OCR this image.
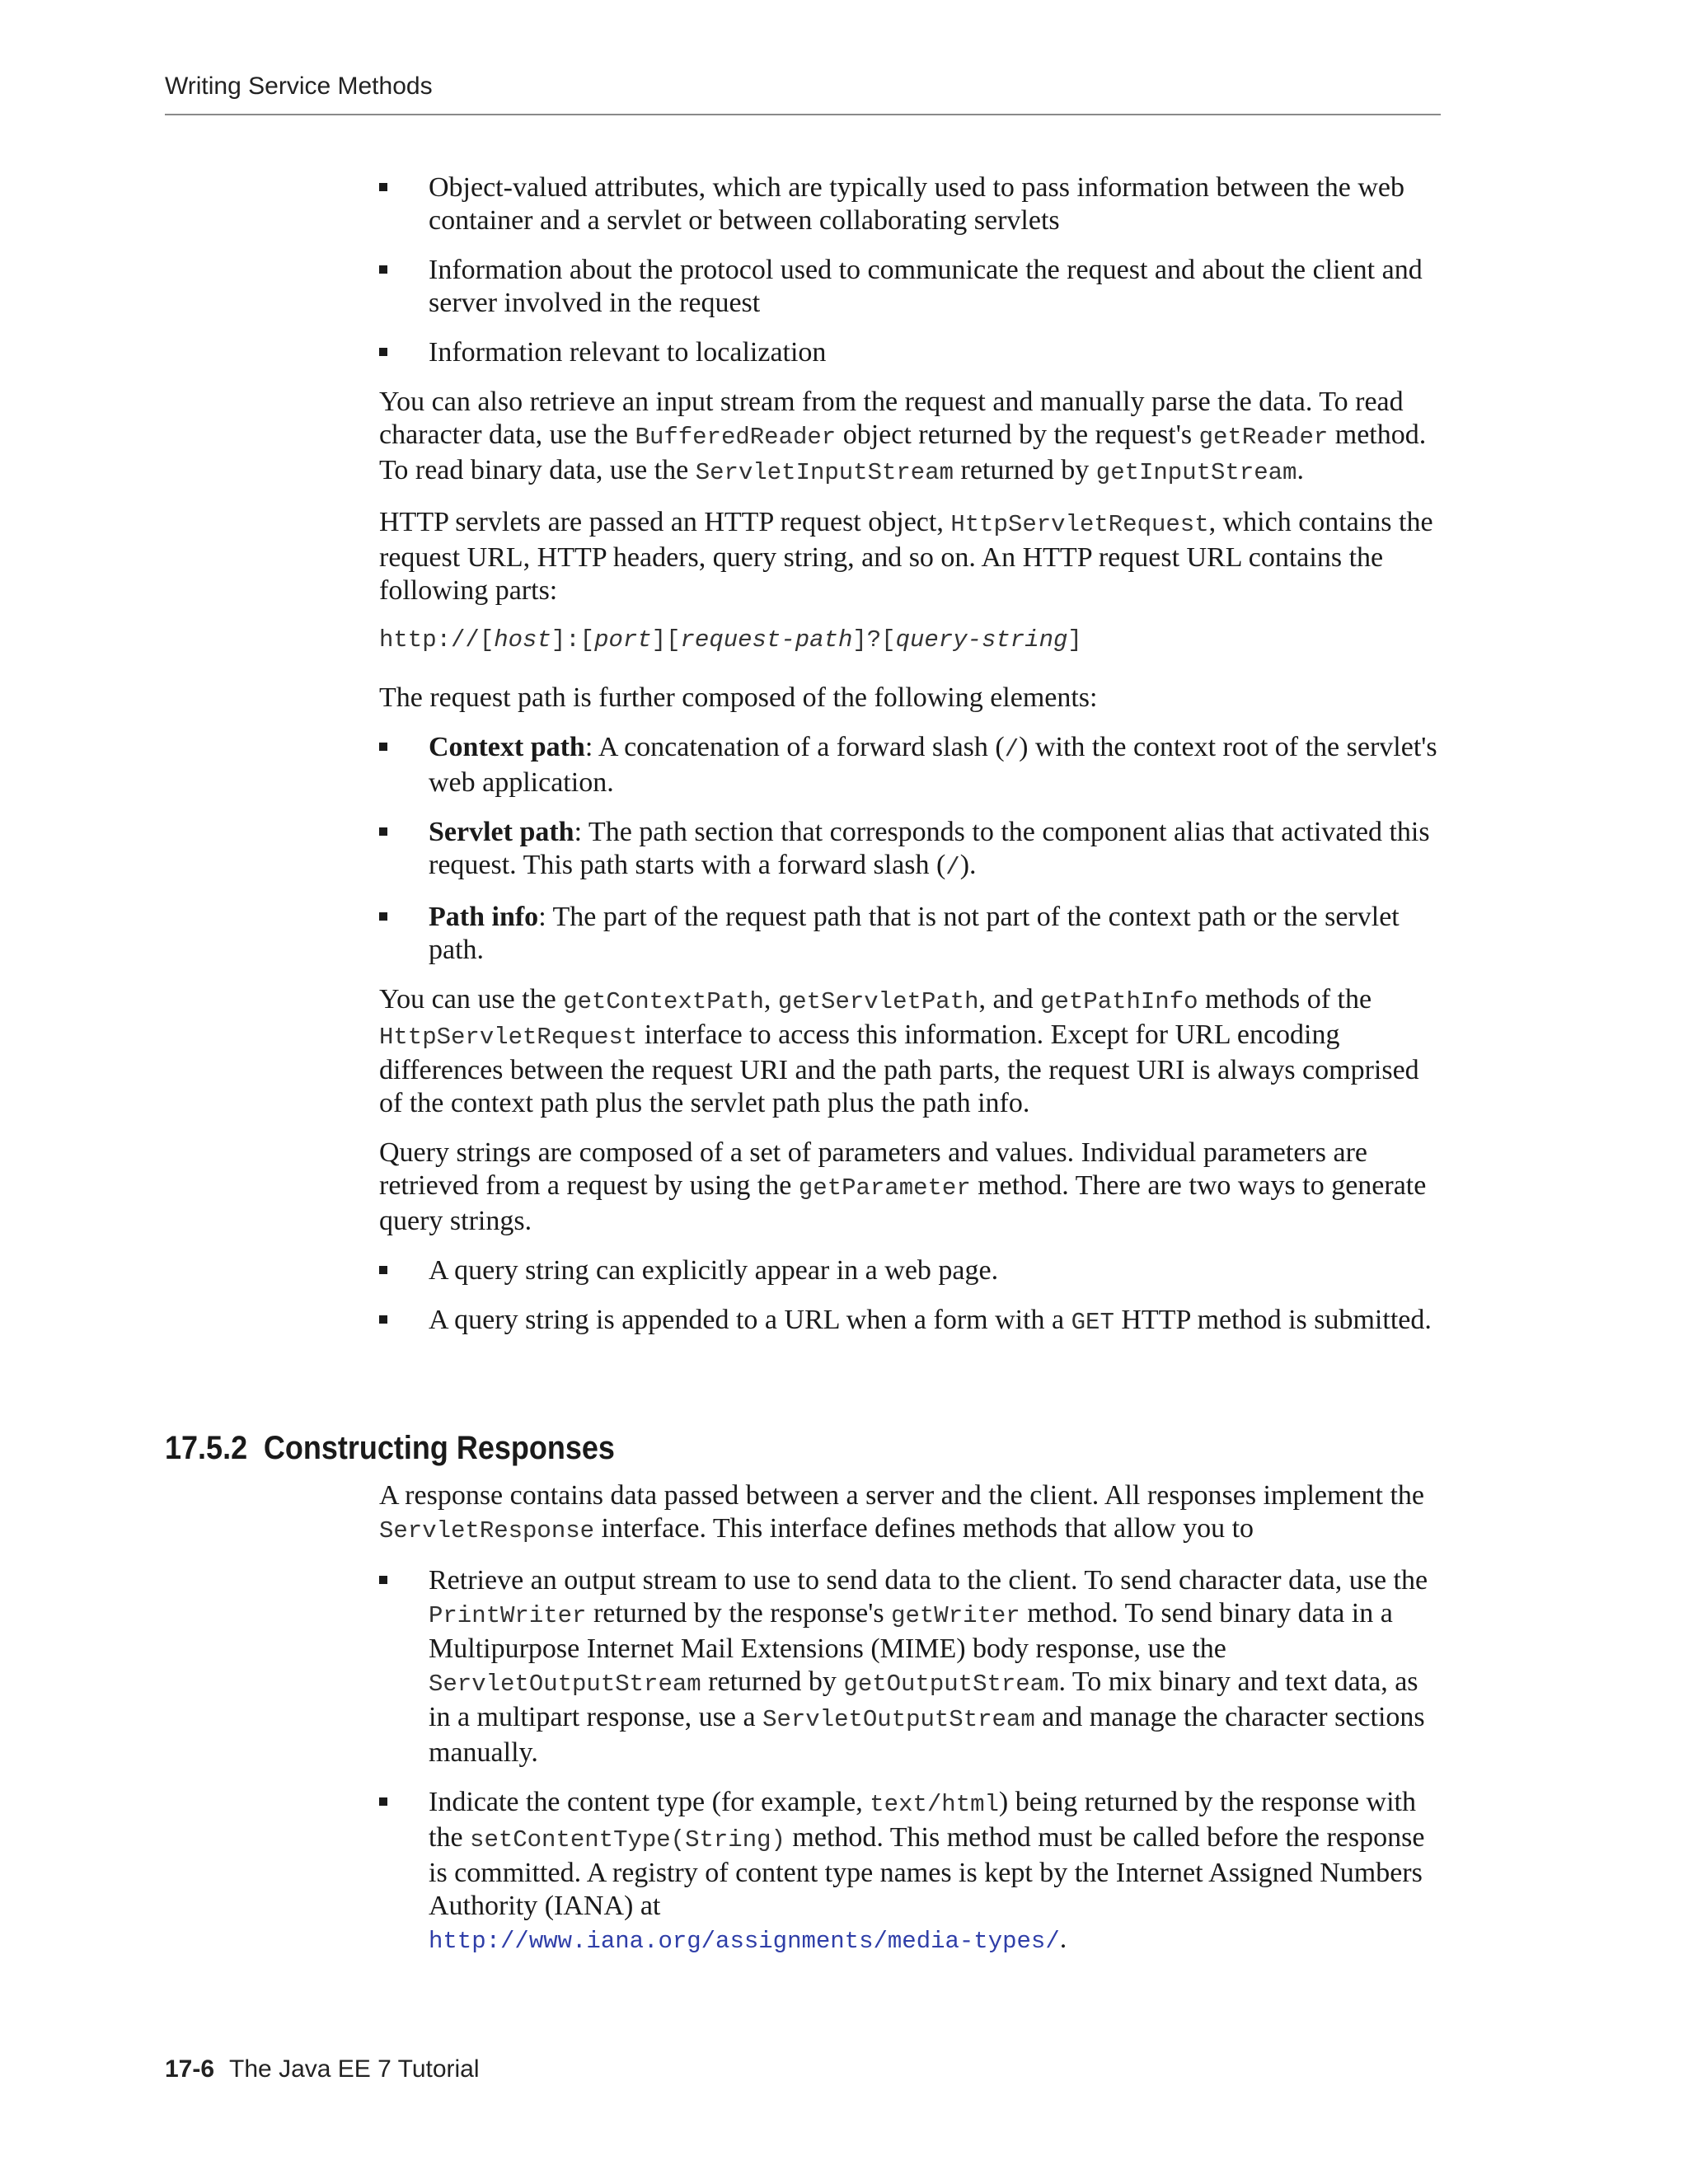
Writing Service Methods
Object-valued attributes, which are typically used to pass information between the web container and a servlet or between collaborating servlets
Information about the protocol used to communicate the request and about the client and server involved in the request
Information relevant to localization

You can also retrieve an input stream from the request and manually parse the data. To read character data, use the BufferedReader object returned by the request's getReader method. To read binary data, use the ServletInputStream returned by getInputStream.

HTTP servlets are passed an HTTP request object, HttpServletRequest, which contains the request URL, HTTP headers, query string, and so on. An HTTP request URL contains the following parts:

http://[host]:[port][request-path]?[query-string]

The request path is further composed of the following elements:

Context path: A concatenation of a forward slash (/) with the context root of the servlet's web application.
Servlet path: The path section that corresponds to the component alias that activated this request. This path starts with a forward slash (/).
Path info: The part of the request path that is not part of the context path or the servlet path.

You can use the getContextPath, getServletPath, and getPathInfo methods of the HttpServletRequest interface to access this information. Except for URL encoding differences between the request URI and the path parts, the request URI is always comprised of the context path plus the servlet path plus the path info.

Query strings are composed of a set of parameters and values. Individual parameters are retrieved from a request by using the getParameter method. There are two ways to generate query strings.

A query string can explicitly appear in a web page.
A query string is appended to a URL when a form with a GET HTTP method is submitted.
17.5.2 Constructing Responses

A response contains data passed between a server and the client. All responses implement the ServletResponse interface. This interface defines methods that allow you to

Retrieve an output stream to use to send data to the client. To send character data, use the PrintWriter returned by the response's getWriter method. To send binary data in a Multipurpose Internet Mail Extensions (MIME) body response, use the ServletOutputStream returned by getOutputStream. To mix binary and text data, as in a multipart response, use a ServletOutputStream and manage the character sections manually.
Indicate the content type (for example, text/html) being returned by the response with the setContentType(String) method. This method must be called before the response is committed. A registry of content type names is kept by the Internet Assigned Numbers Authority (IANA) at
http://www.iana.org/assignments/media-types/.
17-6 The Java EE 7 Tutorial
